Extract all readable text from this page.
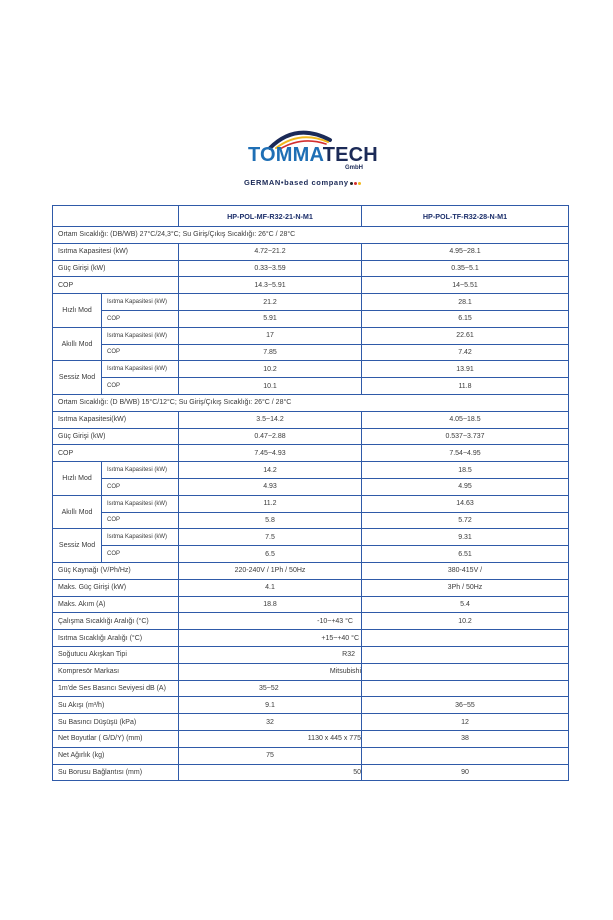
TOMMATECH
GmbH
GERMAN•based company
		HP-POL-MF-R32-21-N-M1	HP-POL-TF-R32-28-N-M1
Ortam Sıcaklığı: (DB/WB) 27°C/24,3°C; Su Giriş/Çıkış Sıcaklığı: 26°C / 28°C			
Isıtma Kapasitesi (kW)		4.72~21.2	4.95~28.1
Güç Girişi (kW)		0.33~3.59	0.35~5.1
COP		14.3~5.91	14~5.51
Hızlı Mod	Isıtma Kapasitesi (kW)	21.2	28.1
	COP	5.91	6.15
Akıllı Mod	Isıtma Kapasitesi (kW)	17	22.61
	COP	7.85	7.42
Sessiz Mod	Isıtma Kapasitesi (kW)	10.2	13.91
	COP	10.1	11.8
Ortam Sıcaklığı: (D B/WB) 15°C/12°C; Su Giriş/Çıkış Sıcaklığı: 26°C / 28°C			
Isıtma Kapasitesi(kW)		3.5~14.2	4.05~18.5
Güç Girişi (kW)		0.47~2.88	0.537~3.737
COP		7.45~4.93	7.54~4.95
Hızlı Mod	Isıtma Kapasitesi (kW)	14.2	18.5
	COP	4.93	4.95
Akıllı Mod	Isıtma Kapasitesi (kW)	11.2	14.63
	COP	5.8	5.72
Sessiz Mod	Isıtma Kapasitesi (kW)	7.5	9.31
	COP	6.5	6.51
Güç Kaynağı (V/Ph/Hz)		220-240V / 1Ph / 50Hz	380-415V /
Maks. Güç Girişi (kW)		4.1	3Ph / 50Hz
Maks. Akım (A)		18.8	5.4
Çalışma Sıcaklığı Aralığı (°C)		-10~+43 °C	10.2
Isıtma Sıcaklığı Aralığı (°C)		+15~+40 °C	
Soğutucu Akışkan Tipi		R32	
Kompresör Markası		Mitsubishi	
1m'de Ses Basıncı Seviyesi dB (A)		35~52	
Su Akışı (m³/h)		9.1	36~55
Su Basıncı Düşüşü (kPa)		32	12
Net Boyutlar ( G/D/Y) (mm)		1130 x 445 x 775	38
Net Ağırlık (kg)		75	
Su Borusu Bağlantısı (mm)		50	90
